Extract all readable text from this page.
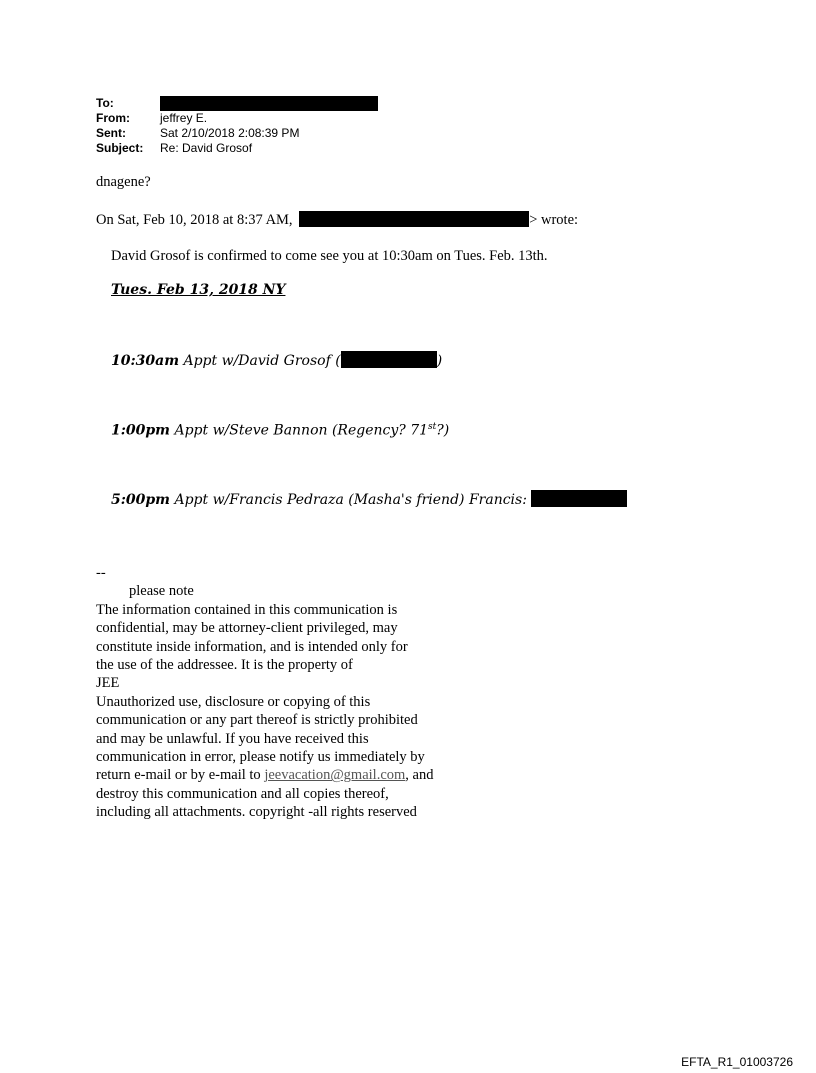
To:
From:	jeffrey E.
Sent:	Sat 2/10/2018 2:08:39 PM
Subject:	Re: David Grosof
dnagene?
On Sat, Feb 10, 2018 at 8:37 AM,	> wrote:
David Grosof is confirmed to come see you at 10:30am on Tues. Feb. 13th.
Tues. Feb 13, 2018 NY
10:30am Appt w/David Grosof (	)
1:00pm Appt w/Steve Bannon (Regency? 71st?)
5:00pm Appt w/Francis Pedraza (Masha's friend) Francis:
--
please note
The information contained in this communication is
confidential, may be attorney-client privileged, may
constitute inside information, and is intended only for
the use of the addressee. It is the property of
JEE
Unauthorized use, disclosure or copying of this
communication or any part thereof is strictly prohibited
and may be unlawful. If you have received this
communication in error, please notify us immediately by
return e-mail or by e-mail to jeevacation@gmail.com, and
destroy this communication and all copies thereof,
including all attachments. copyright -all rights reserved
EFTA_R1_01003726
